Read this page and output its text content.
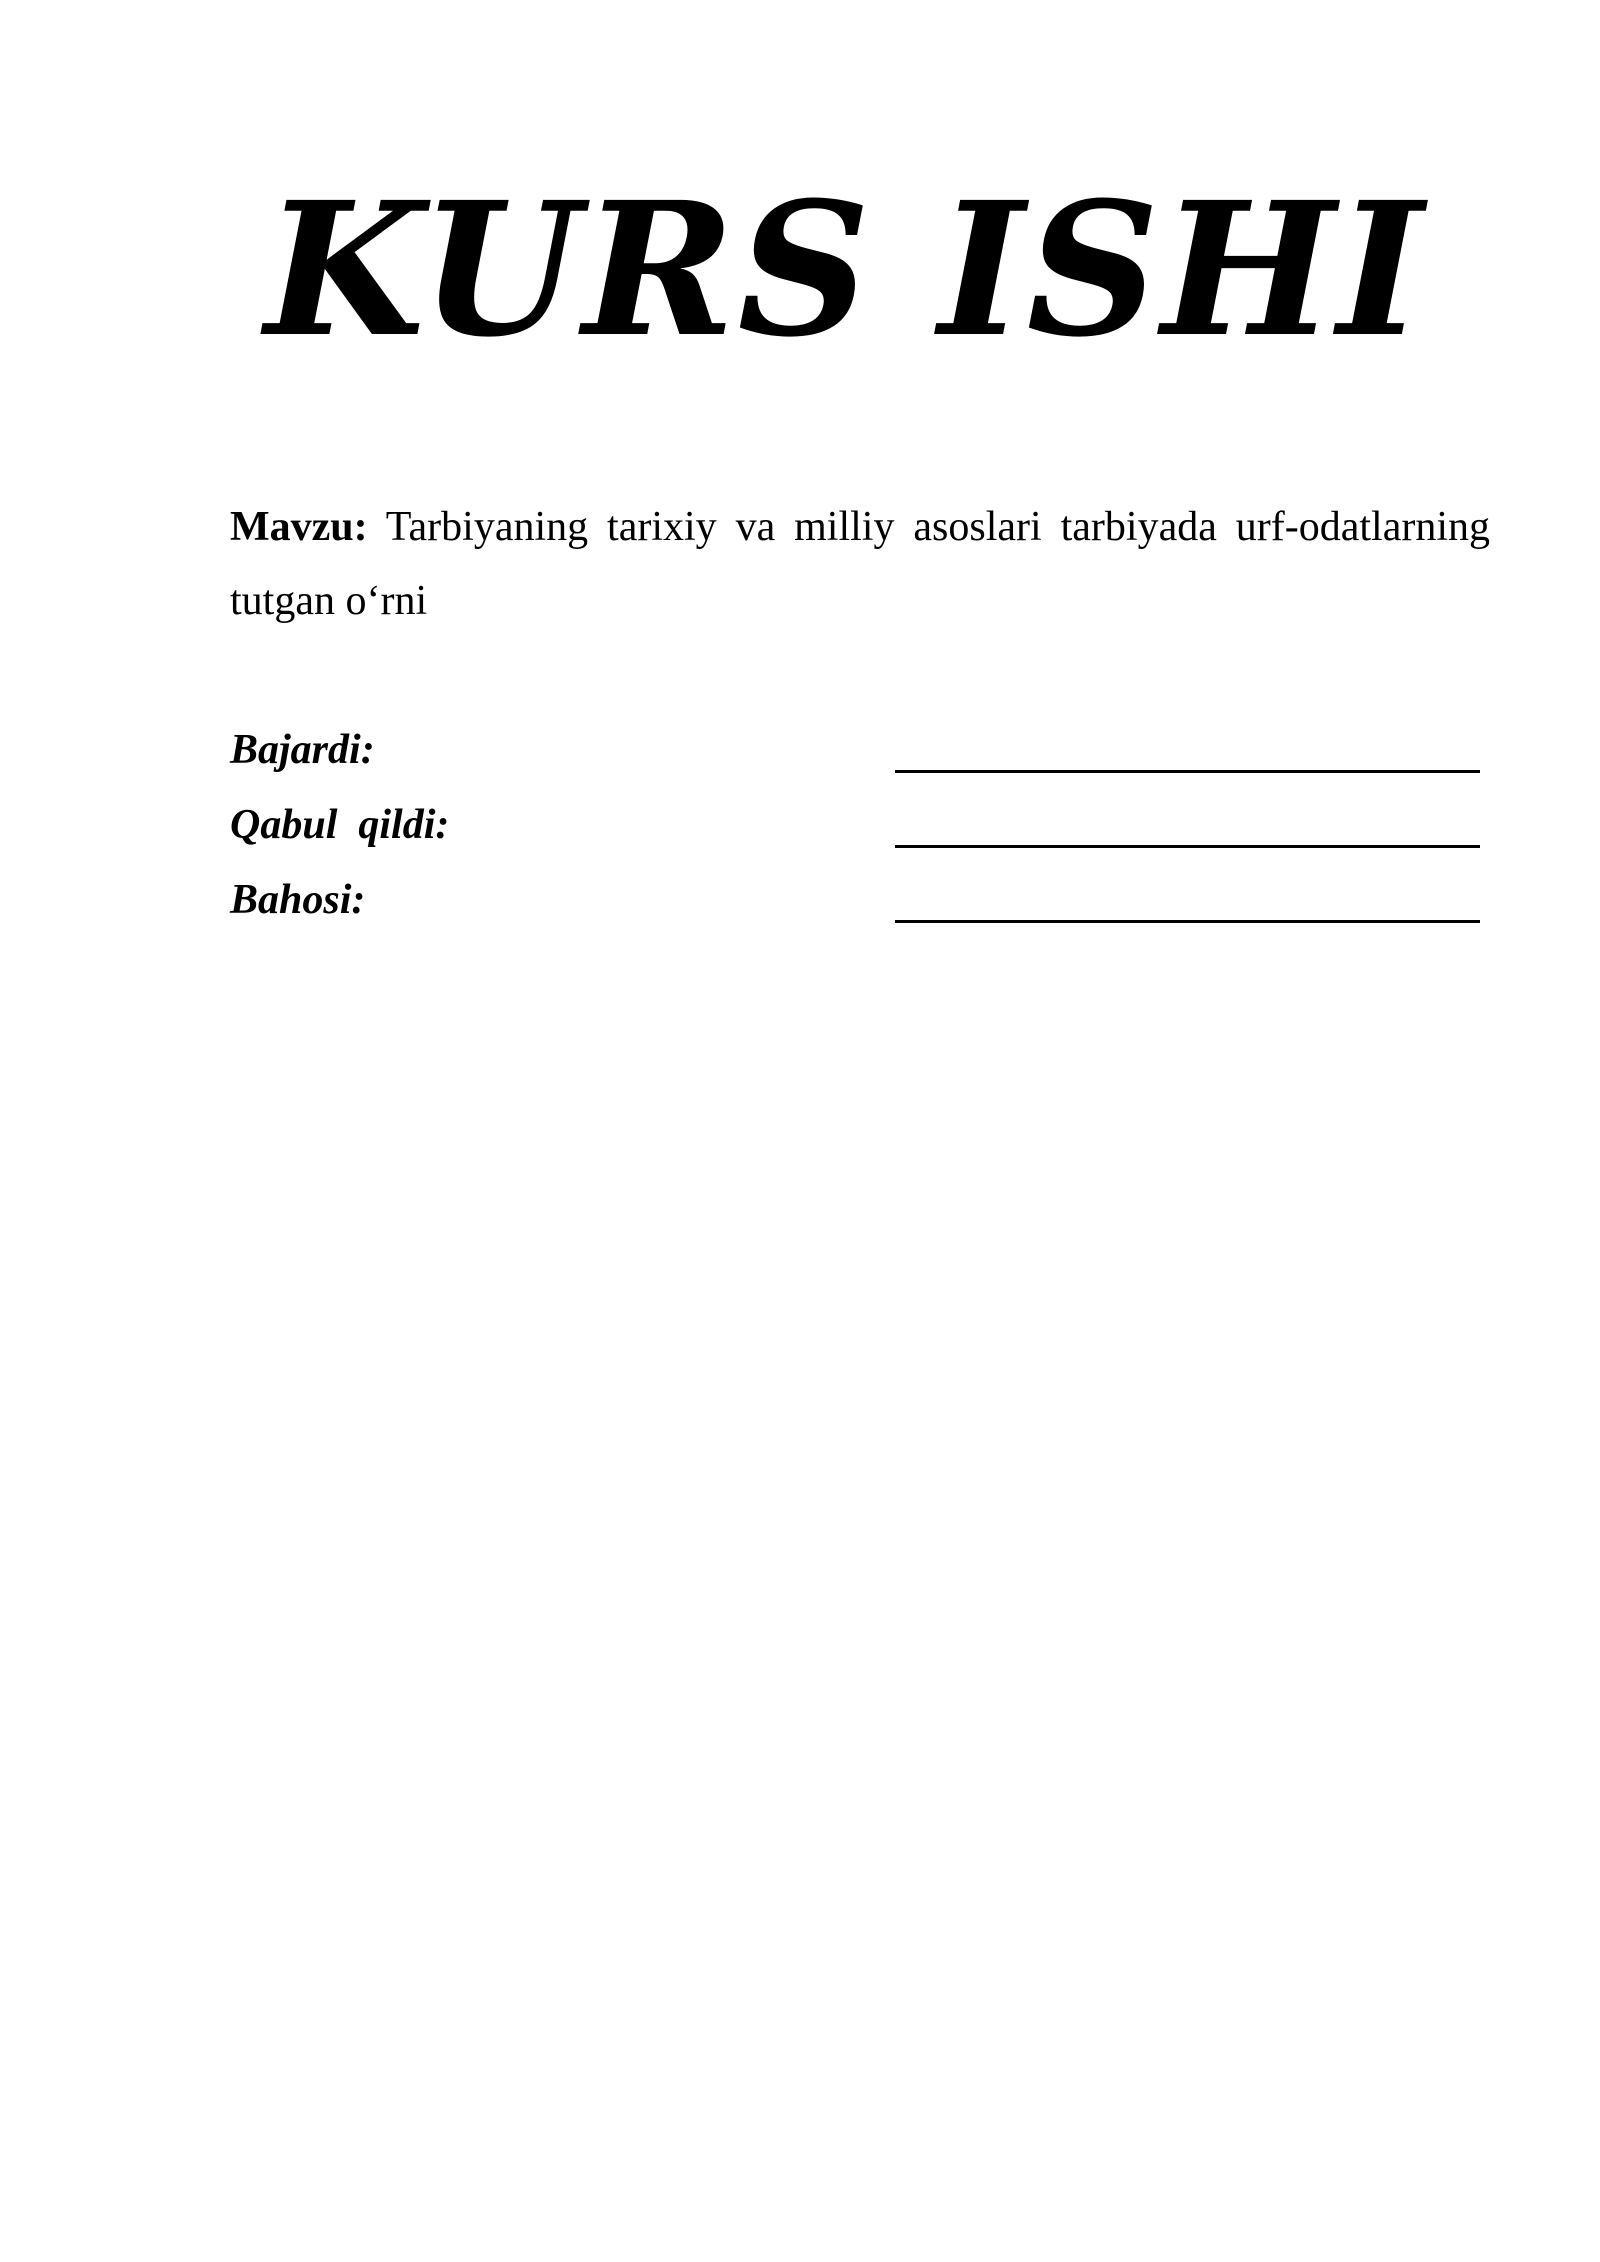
KURS ISHI
Mavzu: Tarbiyaning tarixiy va milliy asoslari tarbiyada urf-odatlarning tutgan o‘rni
Bajardi:
Qabul  qildi:
Bahosi:
